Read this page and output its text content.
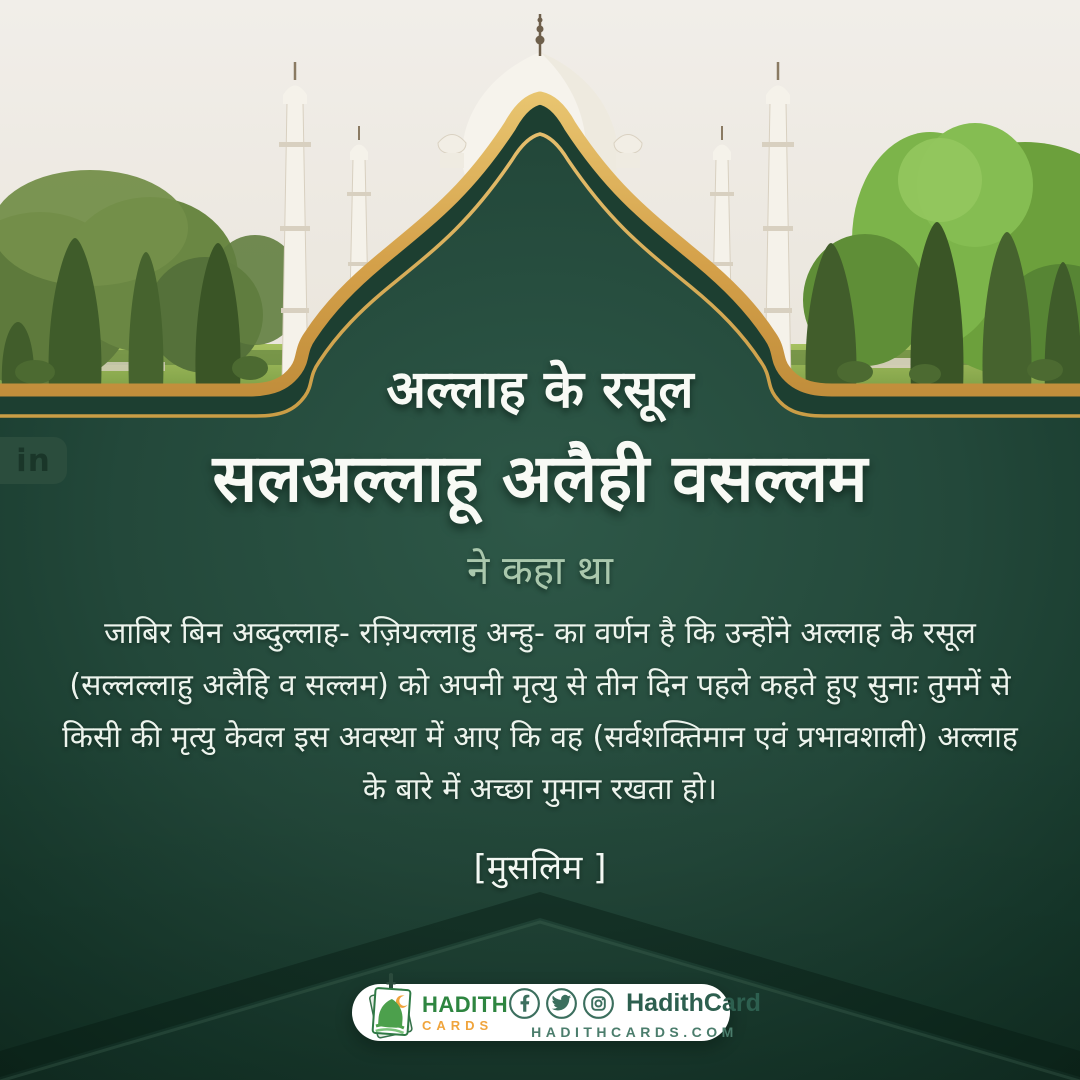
in
अल्लाह के रसूल
सलअल्लाहू अलैही वसल्लम
ने कहा था
जाबिर बिन अब्दुल्लाह- रज़ियल्लाहु अन्हु- का वर्णन है कि उन्होंने अल्लाह के रसूल
(सल्लल्लाहु अलैहि व सल्लम) को अपनी मृत्यु से तीन दिन पहले कहते हुए सुनाः तुममें से
किसी की मृत्यु केवल इस अवस्था में आए कि वह (सर्वशक्तिमान एवं प्रभावशाली) अल्लाह
के बारे में अच्छा गुमान रखता हो।
[मुसलिम ]
HADITH
CARDS
HadithCard
HADITHCARDS.COM
